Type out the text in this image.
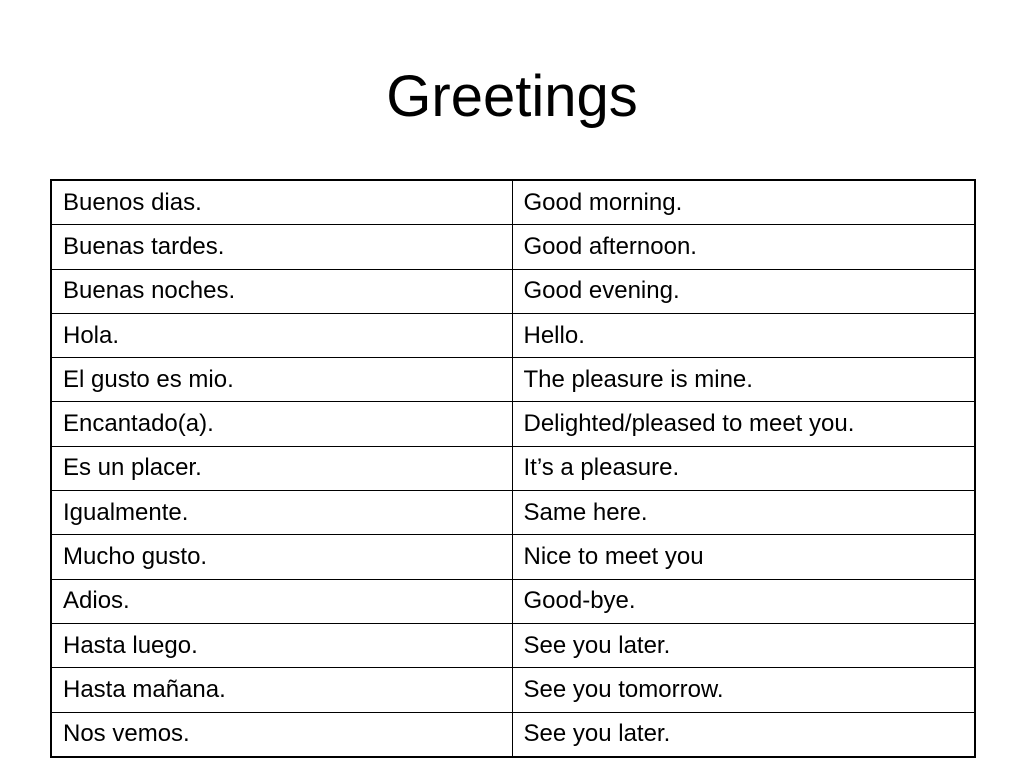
Greetings
Buenos dias.	Good morning.
Buenas tardes.	Good afternoon.
Buenas noches.	Good evening.
Hola.	Hello.
El gusto es mio.	The pleasure is mine.
Encantado(a).	Delighted/pleased to meet you.
Es un placer.	It’s a pleasure.
Igualmente.	Same here.
Mucho gusto.	Nice to meet you
Adios.	Good-bye.
Hasta luego.	See you later.
Hasta mañana.	See you tomorrow.
Nos vemos.	See you later.
